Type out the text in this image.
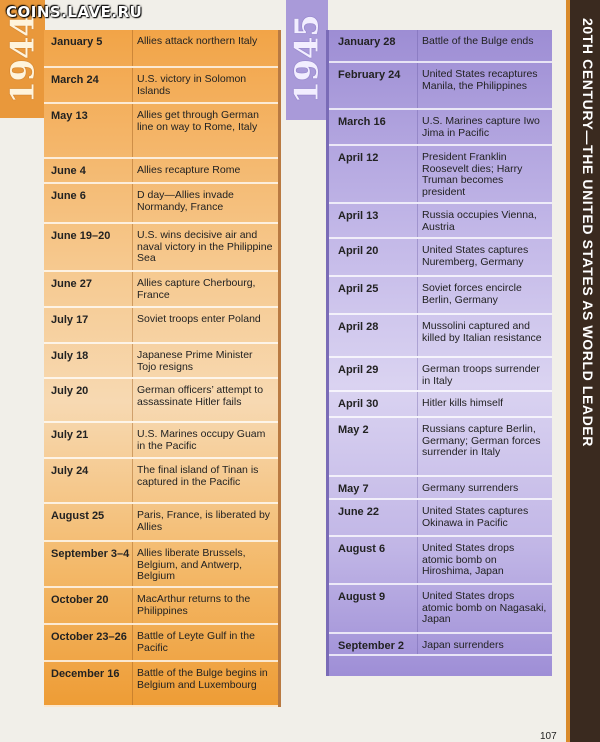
COINS.LAVE.RU
1944	1945
January 5	Allies attack northern Italy
March 24	U.S. victory in Solomon Islands
May 13	Allies get through German line on way to Rome, Italy
June 4	Allies recapture Rome
June 6	D day—Allies invade Normandy, France
June 19–20	U.S. wins decisive air and naval victory in the Philippine Sea
June 27	Allies capture Cherbourg, France
July 17	Soviet troops enter Poland
July 18	Japanese Prime Minister Tojo resigns
July 20	German officers’ attempt to assassinate Hitler fails
July 21	U.S. Marines occupy Guam in the Pacific
July 24	The final island of Tinan is captured in the Pacific
August 25	Paris, France, is liberated by Allies
September 3–4 Allies liberate Brussels, Belgium, and Antwerp, Belgium
October 20	MacArthur returns to the Philippines
October 23–26 Battle of Leyte Gulf in the Pacific
December 16	Battle of the Bulge begins in Belgium and Luxembourg
January 28	Battle of the Bulge ends
February 24	United States recaptures Manila, the Philippines
March 16	U.S. Marines capture Iwo Jima in Pacific
April 12	President Franklin Roosevelt dies; Harry Truman becomes president
April 13	Russia occupies Vienna, Austria
April 20	United States captures Nuremberg, Germany
April 25	Soviet forces encircle Berlin, Germany
April 28	Mussolini captured and killed by Italian resistance
April 29	German troops surrender in Italy
April 30	Hitler kills himself
May 2	Russians capture Berlin, Germany; German forces surrender in Italy
May 7	Germany surrenders
June 22	United States captures Okinawa in Pacific
August 6	United States drops atomic bomb on Hiroshima, Japan
August 9	United States drops atomic bomb on Nagasaki, Japan
September 2	Japan surrenders
20TH CENTURY—THE UNITED STATES AS WORLD LEADER
107
